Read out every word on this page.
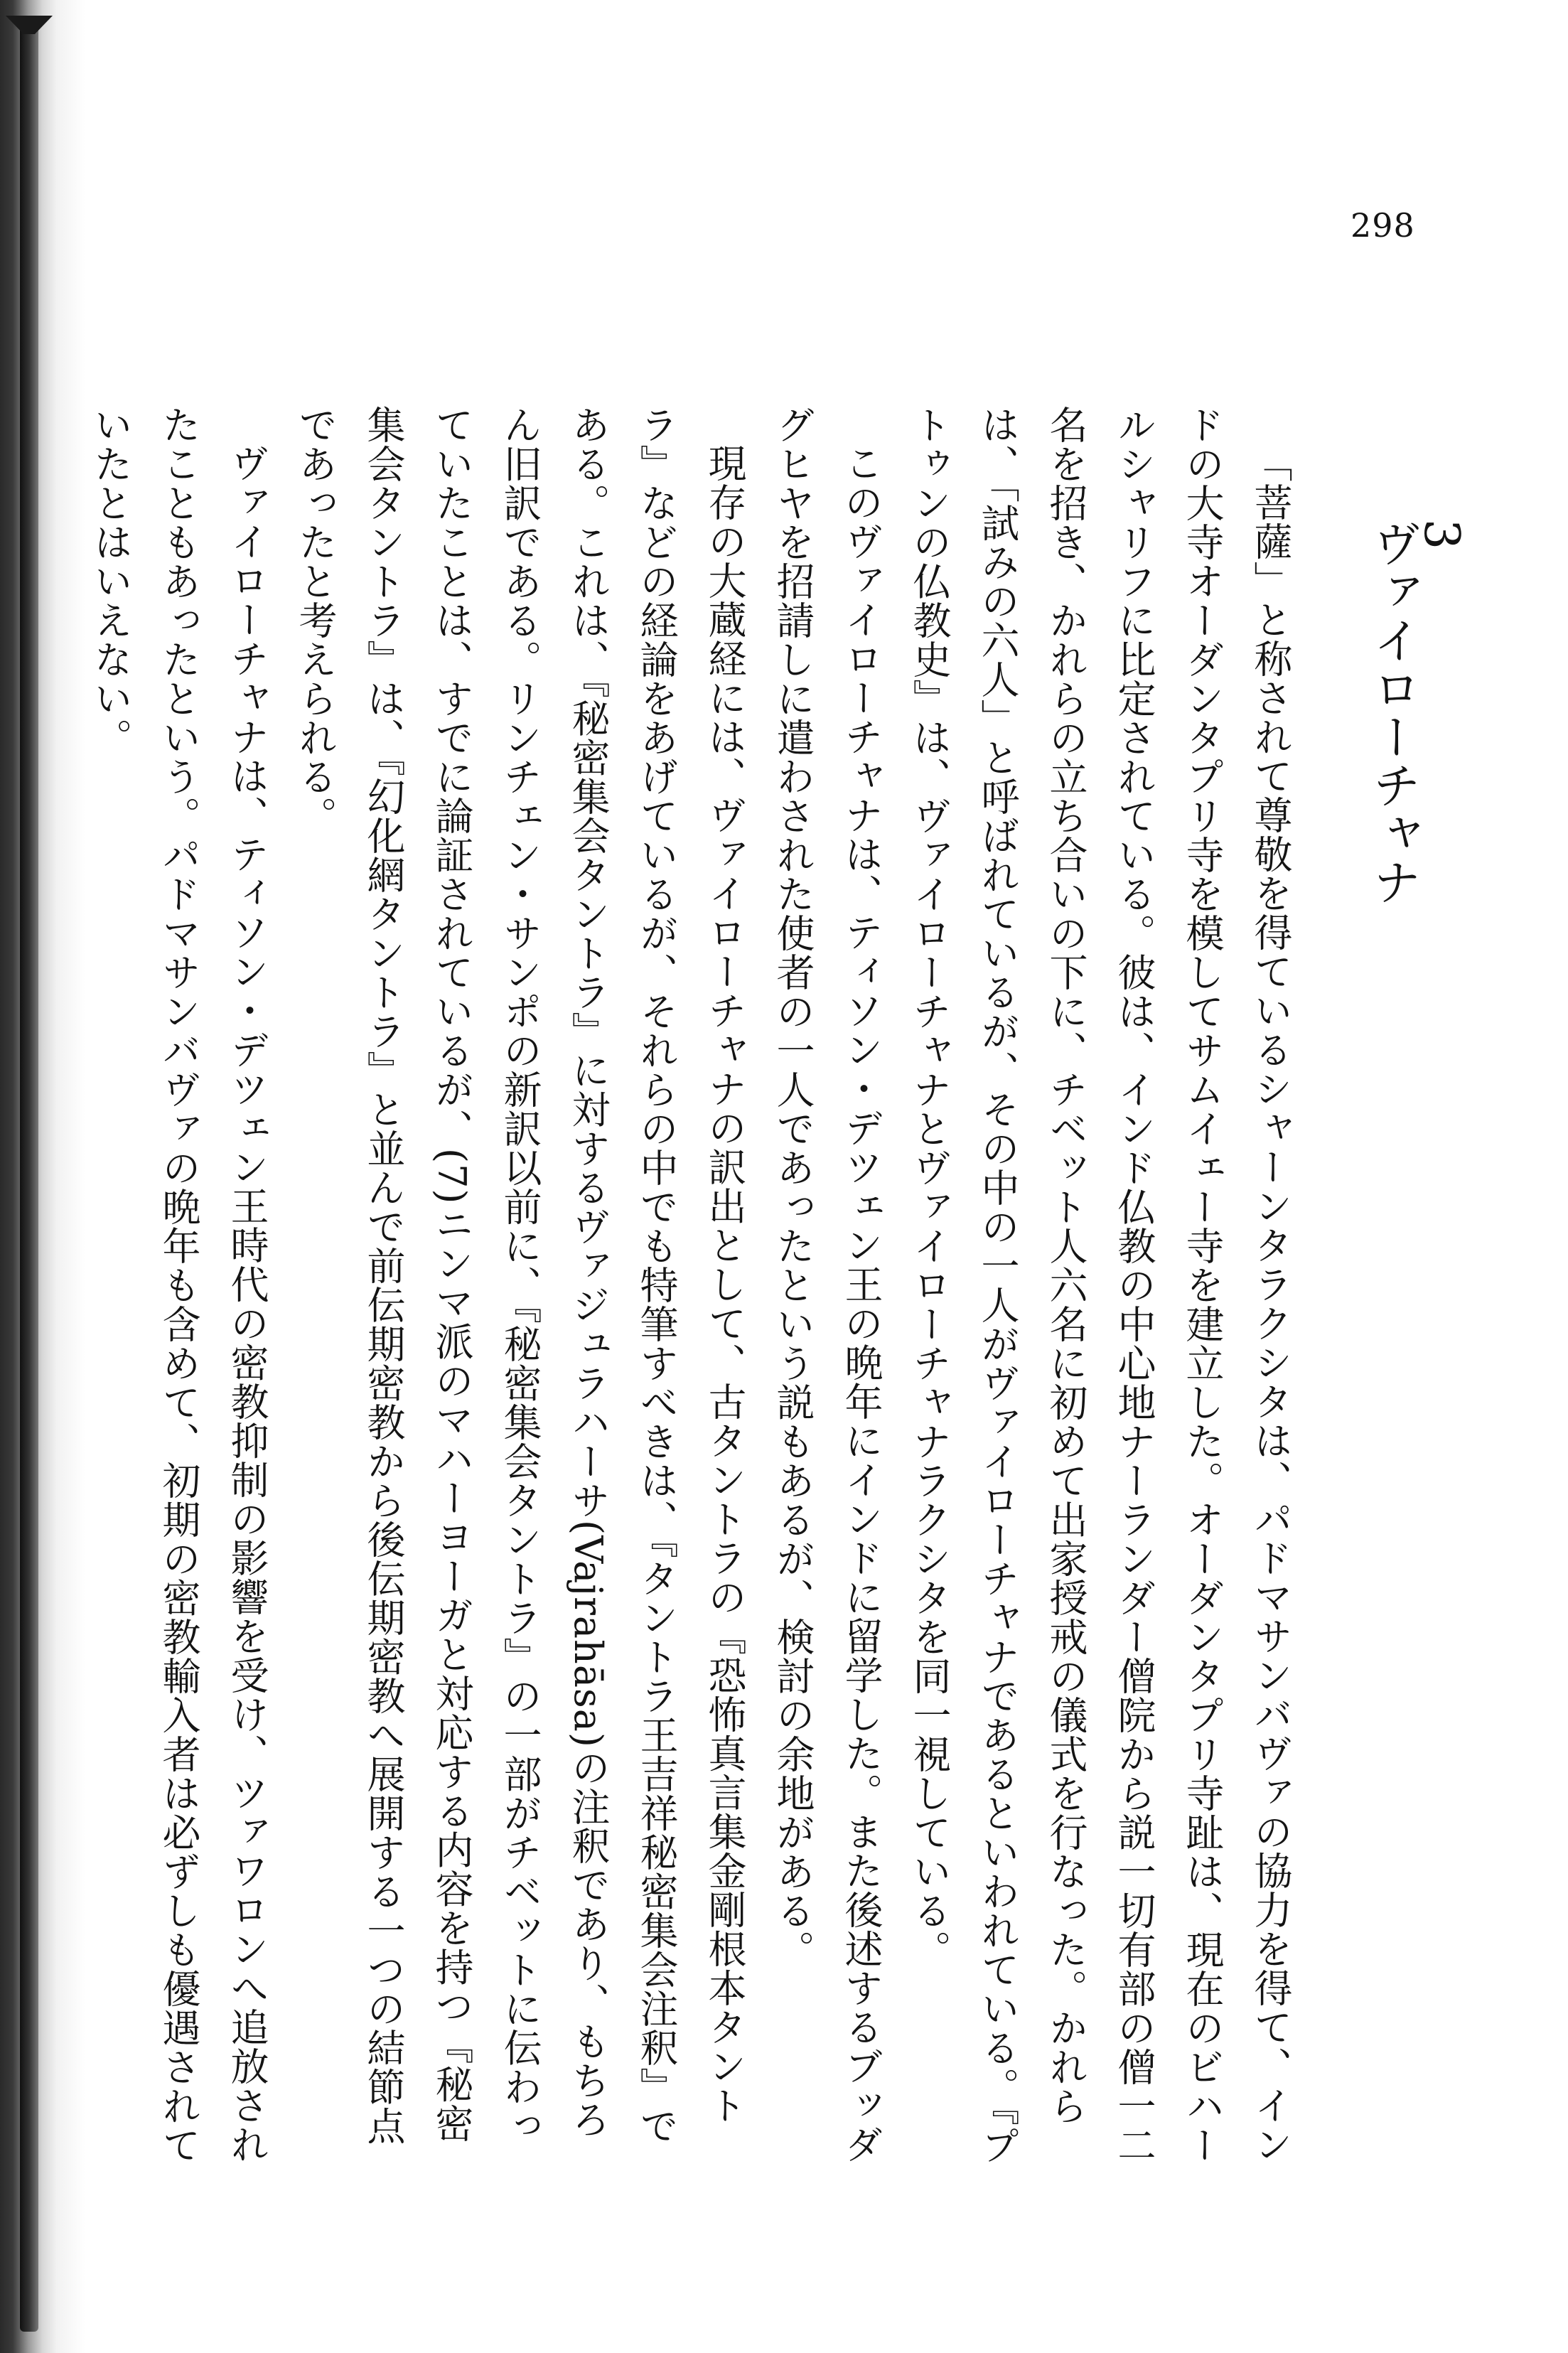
298
3
ヴァイローチャナ

「菩薩」と称されて尊敬を得ているシャーンタラクシタは、パドマサンバヴァの協力を得て、インドの大寺オーダンタプリ寺を模してサムイェー寺を建立した。オーダンタプリ寺趾は、現在のビハールシャリフに比定されている。彼は、インド仏教の中心地ナーランダー僧院から説一切有部の僧一二名を招き、かれらの立ち合いの下に、チベット人六名に初めて出家授戒の儀式を行なった。かれらは、「試みの六人」と呼ばれているが、その中の一人がヴァイローチャナであるといわれている。『プトゥンの仏教史』は、ヴァイローチャナとヴァイローチャナラクシタを同一視している。

このヴァイローチャナは、ティソン・デツェン王の晩年にインドに留学した。また後述するブッダグヒヤを招請しに遣わされた使者の一人であったという説もあるが、検討の余地がある。

現存の大蔵経には、ヴァイローチャナの訳出として、古タントラの『恐怖真言集金剛根本タントラ』などの経論をあげているが、それらの中でも特筆すべきは、『タントラ王吉祥秘密集会注釈』である。これは、『秘密集会タントラ』に対するヴァジュラハーサ(Vajrahāsa)の注釈であり、もちろん旧訳である。リンチェン・サンポの新訳以前に、『秘密集会タントラ』の一部がチベットに伝わっていたことは、すでに論証されているが、(7)ニンマ派のマハーヨーガと対応する内容を持つ『秘密集会タントラ』は、『幻化網タントラ』と並んで前伝期密教から後伝期密教へ展開する一つの結節点であったと考えられる。

ヴァイローチャナは、ティソン・デツェン王時代の密教抑制の影響を受け、ツァワロンへ追放されたこともあったという。パドマサンバヴァの晩年も含めて、初期の密教輸入者は必ずしも優遇されていたとはいえない。
